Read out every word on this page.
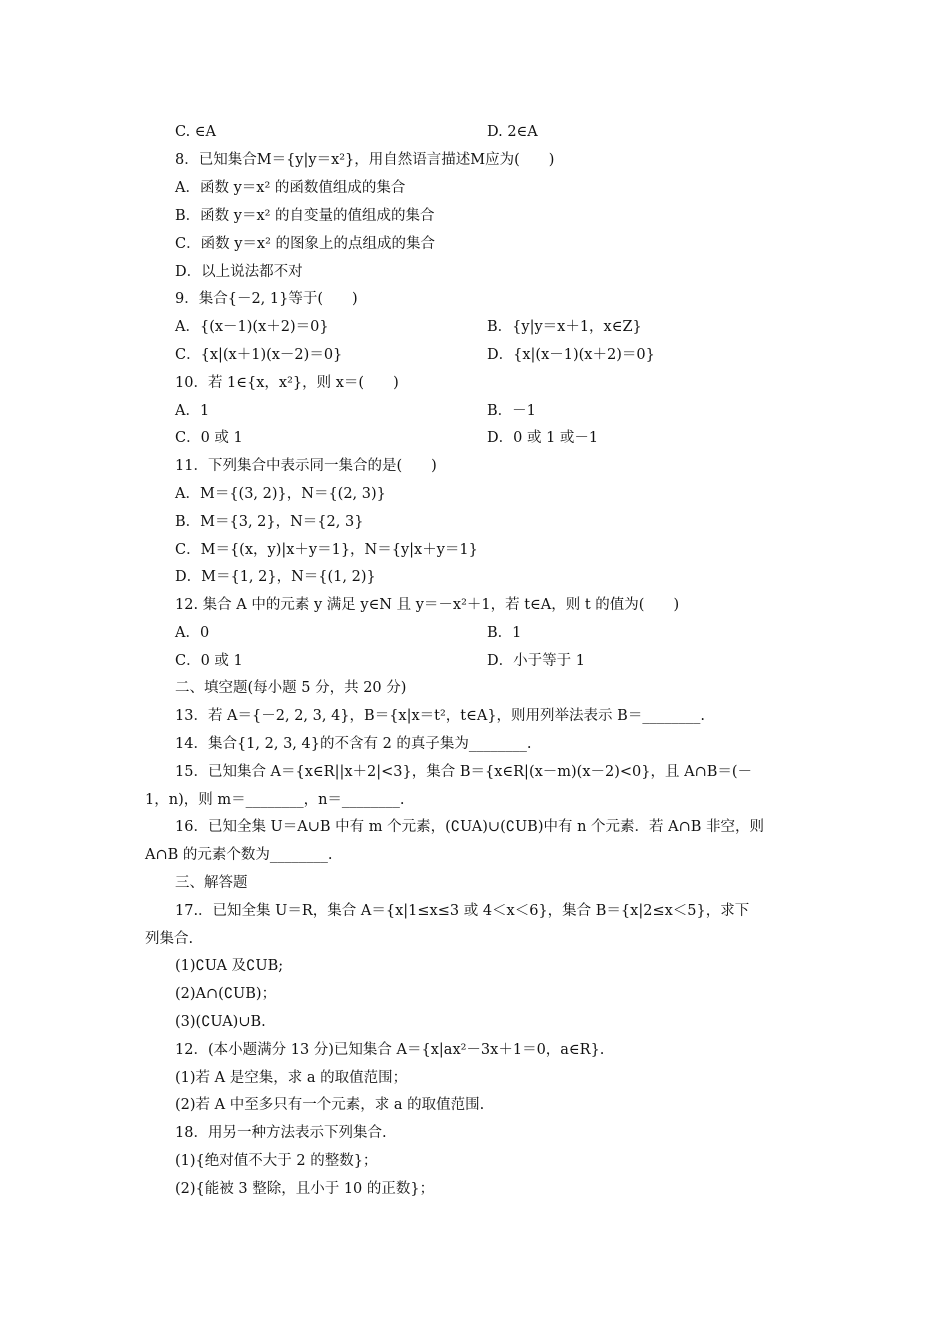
C. ∈A	D. 2∈A
8．已知集合M＝{y|y＝x²}，用自然语言描述M应为(　　)
A．函数 y＝x² 的函数值组成的集合
B．函数 y＝x² 的自变量的值组成的集合
C．函数 y＝x² 的图象上的点组成的集合
D．以上说法都不对
9．集合{－2, 1}等于(　　)
A．{(x－1)(x＋2)＝0}	B．{y|y＝x＋1，x∈Z}
C．{x|(x＋1)(x－2)＝0}	D．{x|(x－1)(x＋2)＝0}
10．若 1∈{x，x²}，则 x＝(　　)
A．1	B．－1
C．0 或 1	D．0 或 1 或－1
11．下列集合中表示同一集合的是(　　)
A．M＝{(3, 2)}，N＝{(2, 3)}
B．M＝{3, 2}，N＝{2, 3}
C．M＝{(x，y)|x＋y＝1}，N＝{y|x＋y＝1}
D．M＝{1, 2}，N＝{(1, 2)}
12. 集合 A 中的元素 y 满足 y∈N 且 y＝－x²＋1，若 t∈A，则 t 的值为(　　)
A．0	B．1
C．0 或 1	D．小于等于 1
二、填空题(每小题 5 分，共 20 分)
13．若 A＝{－2, 2, 3, 4}，B＝{x|x＝t²，t∈A}，则用列举法表示 B＝________.
14．集合{1, 2, 3, 4}的不含有 2 的真子集为________.
15．已知集合 A＝{x∈R||x＋2|<3}，集合 B＝{x∈R|(x－m)(x－2)<0}，且 A∩B＝(－
1，n)，则 m＝________，n＝________.
16．已知全集 U＝A∪B 中有 m 个元素，(∁UA)∪(∁UB)中有 n 个元素．若 A∩B 非空，则
A∩B 的元素个数为________.
三、解答题
17.．已知全集 U＝R，集合 A＝{x|1≤x≤3 或 4＜x＜6}，集合 B＝{x|2≤x＜5}，求下
列集合.
(1)∁UA 及∁UB;
(2)A∩(∁UB)；
(3)(∁UA)∪B.
12．(本小题满分 13 分)已知集合 A＝{x|ax²－3x＋1＝0，a∈R}.
(1)若 A 是空集，求 a 的取值范围；
(2)若 A 中至多只有一个元素，求 a 的取值范围.
18．用另一种方法表示下列集合.
(1){绝对值不大于 2 的整数}；
(2){能被 3 整除，且小于 10 的正数}；
